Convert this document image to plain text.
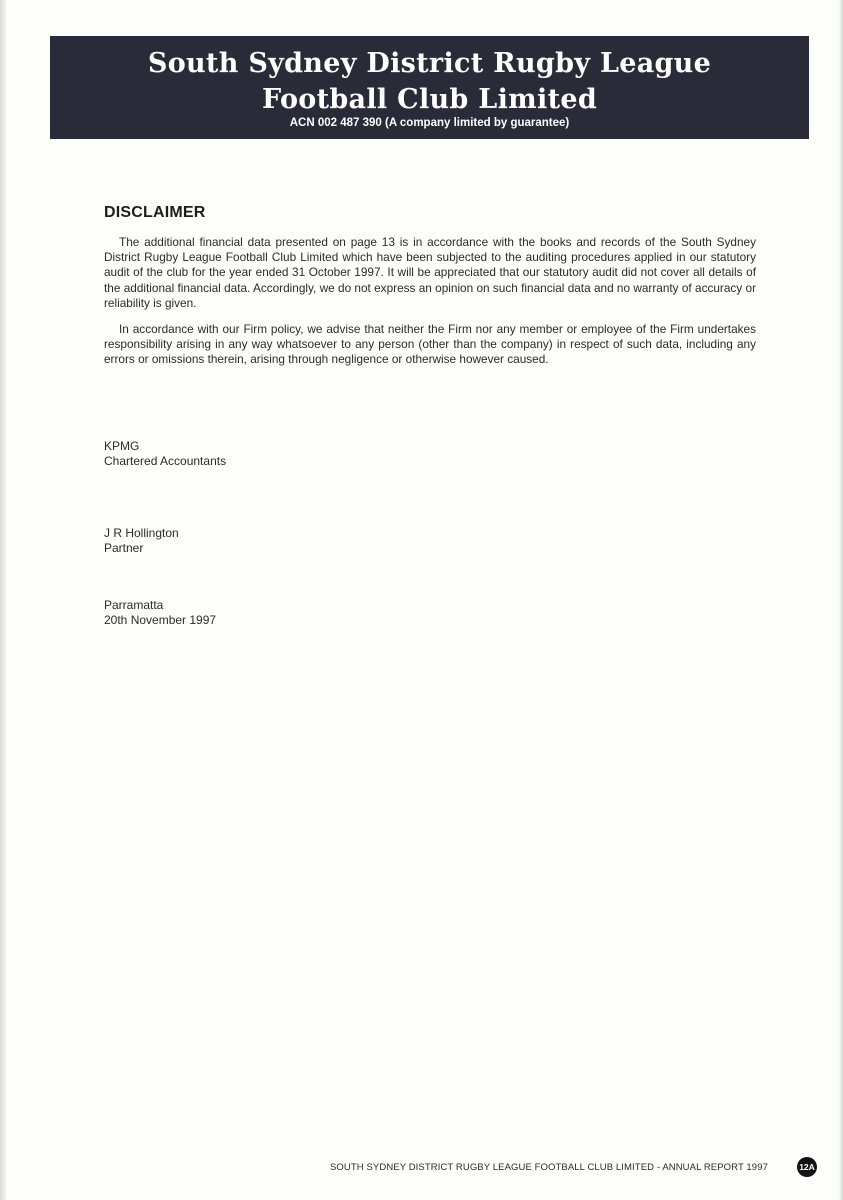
South Sydney District Rugby League
Football Club Limited
ACN 002 487 390 (A company limited by guarantee)
DISCLAIMER

The additional financial data presented on page 13 is in accordance with the books and records of the South Sydney District Rugby League Football Club Limited which have been subjected to the auditing procedures applied in our statutory audit of the club for the year ended 31 October 1997. It will be appreciated that our statutory audit did not cover all details of the additional financial data. Accordingly, we do not express an opinion on such financial data and no warranty of accuracy or reliability is given.

In accordance with our Firm policy, we advise that neither the Firm nor any member or employee of the Firm undertakes responsibility arising in any way whatsoever to any person (other than the company) in respect of such data, including any errors or omissions therein, arising through negligence or otherwise however caused.

KPMG
Chartered Accountants
J R Hollington
Partner
Parramatta
20th November 1997
SOUTH SYDNEY DISTRICT RUGBY LEAGUE FOOTBALL CLUB LIMITED - ANNUAL REPORT 1997	12A
